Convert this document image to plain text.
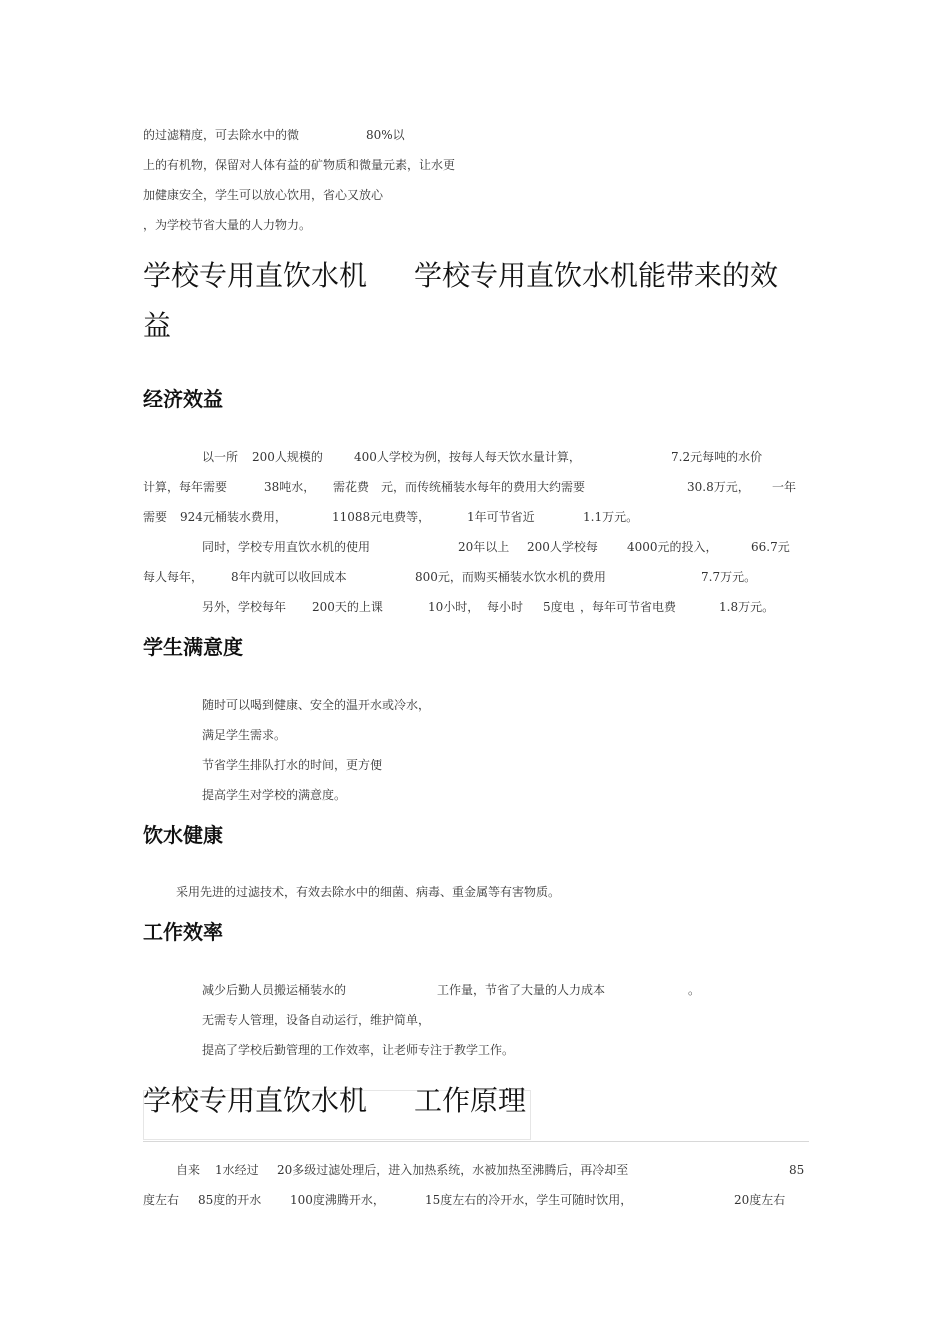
的过滤精度，可去除水中的微	80%以
上的有机物，保留对人体有益的矿物质和微量元素，让水更
加健康安全，学生可以放心饮用，省心又放心
，为学校节省大量的人力物力。
学校专用直饮水机 学校专用直饮水机能带来的效
益
经济效益
以一所 200人规模的	400人学校为例，按每人每天饮水量计算，	7.2元每吨的水价
计算，每年需要	38吨水， 需花费 元，而传统桶装水每年的费用大约需要	30.8万元， 一年
需要 924元桶装水费用，	11088元电费等，	1年可节省近	1.1万元。
同时，学校专用直饮水机的使用	20年以上 200人学校每 4000元的投入，	66.7元
每人每年， 8年内就可以收回成本	800元，而购买桶装水饮水机的费用	7.7万元。
另外，学校每年 200天的上课	10小时， 每小时 5度电 ，每年可节省电费	1.8万元。
学生满意度
随时可以喝到健康、安全的温开水或冷水，
满足学生需求。
节省学生排队打水的时间，更方便
提高学生对学校的满意度。
饮水健康
采用先进的过滤技术，有效去除水中的细菌、病毒、重金属等有害物质。
工作效率
减少后勤人员搬运桶装水的	工作量，节省了大量的人力成本	。
无需专人管理，设备自动运行，维护简单，
提高了学校后勤管理的工作效率，让老师专注于教学工作。
学校专用直饮水机 工作原理
自来 1水经过 20多级过滤处理后，进入加热系统，水被加热至沸腾后，再冷却至	85
度左右 85度的开水 100度沸腾开水，	15度左右的冷开水，学生可随时饮用，	20度左右
